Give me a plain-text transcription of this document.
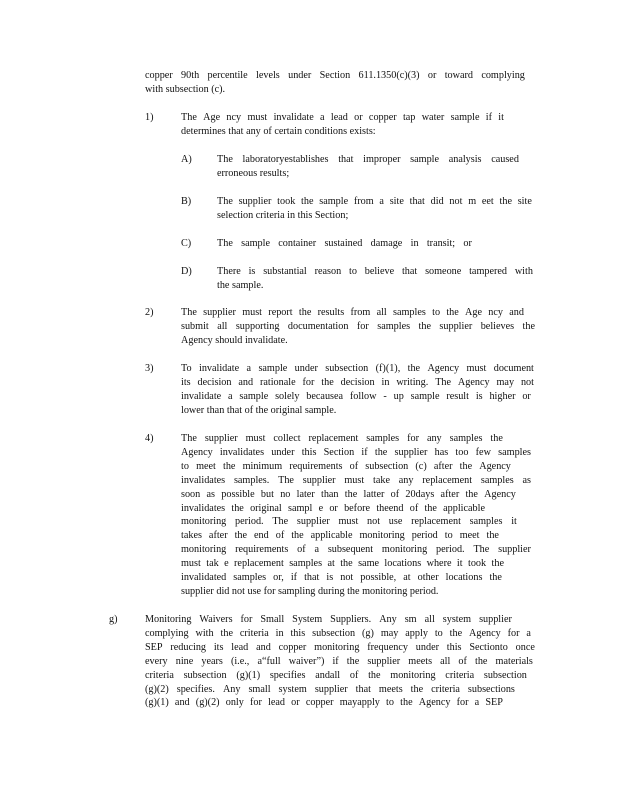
copper 90th percentile levels under Section 611.1350(c)(3) or toward complying
with subsection (c).
1)	The Age ncy must invalidate a lead or copper tap water sample if it
determines that any of certain conditions exists:
A) The laboratoryestablishes that improper sample analysis caused
erroneous results;
B)	The supplier took the sample from a site that did not m eet the site
selection criteria in this Section;
C)	The sample container sustained damage in transit; or
D) There is substantial reason to believe that someone tampered with
the sample.
2)	The supplier must report the results from all samples to the Age ncy and
submit all supporting documentation for samples the supplier believes the
Agency should invalidate.
3)	To invalidate a sample under subsection (f)(1), the Agency must document
its decision and rationale for the decision in writing. The Agency may not
invalidate a sample solely becausea follow - up sample result is higher or
lower than that of the original sample.
4)	The supplier must collect replacement samples for any samples the
Agency invalidates under this Section if the supplier has too few samples
to meet the minimum requirements of subsection (c) after the Agency
invalidates samples. The supplier must take any replacement samples as
soon as possible but no later than the latter of 20days after the Agency
invalidates the original sampl e or before theend of the applicable
monitoring period. The supplier must not use replacement samples it
takes after the end of the applicable monitoring period to meet the
monitoring requirements of a subsequent monitoring period. The supplier
must tak e replacement samples at the same locations where it took the
invalidated samples or, if that is not possible, at other locations the
supplier did not use for sampling during the monitoring period.
g)	Monitoring Waivers for Small System Suppliers. Any sm all system supplier
complying with the criteria in this subsection (g) may apply to the Agency for a
SEP reducing its lead and copper monitoring frequency under this Sectionto once
every nine years (i.e., a“full waiver”) if the supplier meets all of the materials
criteria subsection (g)(1) specifies andall of the monitoring criteria subsection
(g)(2) specifies. Any small system supplier that meets the criteria subsections
(g)(1) and (g)(2) only for lead or copper mayapply to the Agency for a SEP
